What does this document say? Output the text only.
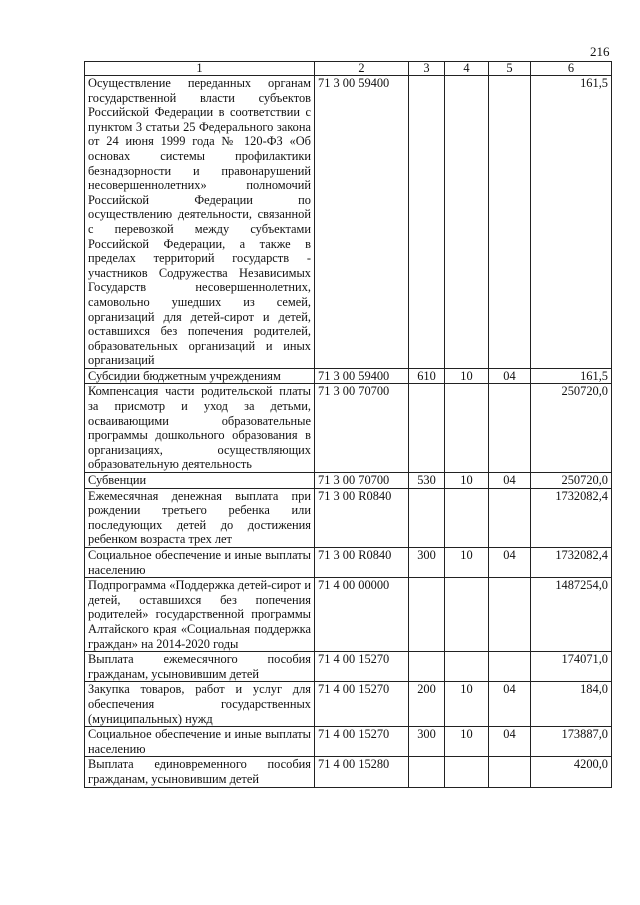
216
1	2	3	4	5	6
Осуществление переданных органам государственной власти субъектов Российской Федерации в соответствии с пунктом 3 статьи 25 Федерального закона от 24 июня 1999 года № 120-ФЗ «Об основах системы профилактики безнадзорности и правонарушений несовершеннолетних» полномочий Российской Федерации по осуществлению деятельности, связанной с перевозкой между субъектами Российской Федерации, а также в пределах территорий государств - участников Содружества Независимых Государств несовершеннолетних, самовольно ушедших из семей, организаций для детей-сирот и детей, оставшихся без попечения родителей, образовательных организаций и иных организаций	71 3 00 59400				161,5
Субсидии бюджетным учреждениям	71 3 00 59400	610	10	04	161,5
Компенсация части родительской платы за присмотр и уход за детьми, осваивающими образовательные программы дошкольного образования в организациях, осуществляющих образовательную деятельность	71 3 00 70700				250720,0
Субвенции	71 3 00 70700	530	10	04	250720,0
Ежемесячная денежная выплата при рождении третьего ребенка или последующих детей до достижения ребенком возраста трех лет	71 3 00 R0840				1732082,4
Социальное обеспечение и иные выплаты населению	71 3 00 R0840	300	10	04	1732082,4
Подпрограмма «Поддержка детей-сирот и детей, оставшихся без попечения родителей» государственной программы Алтайского края «Социальная поддержка граждан» на 2014-2020 годы	71 4 00 00000				1487254,0
Выплата ежемесячного пособия гражданам, усыновившим детей	71 4 00 15270				174071,0
Закупка товаров, работ и услуг для обеспечения государственных (муниципальных) нужд	71 4 00 15270	200	10	04	184,0
Социальное обеспечение и иные выплаты населению	71 4 00 15270	300	10	04	173887,0
Выплата единовременного пособия гражданам, усыновившим детей	71 4 00 15280				4200,0
